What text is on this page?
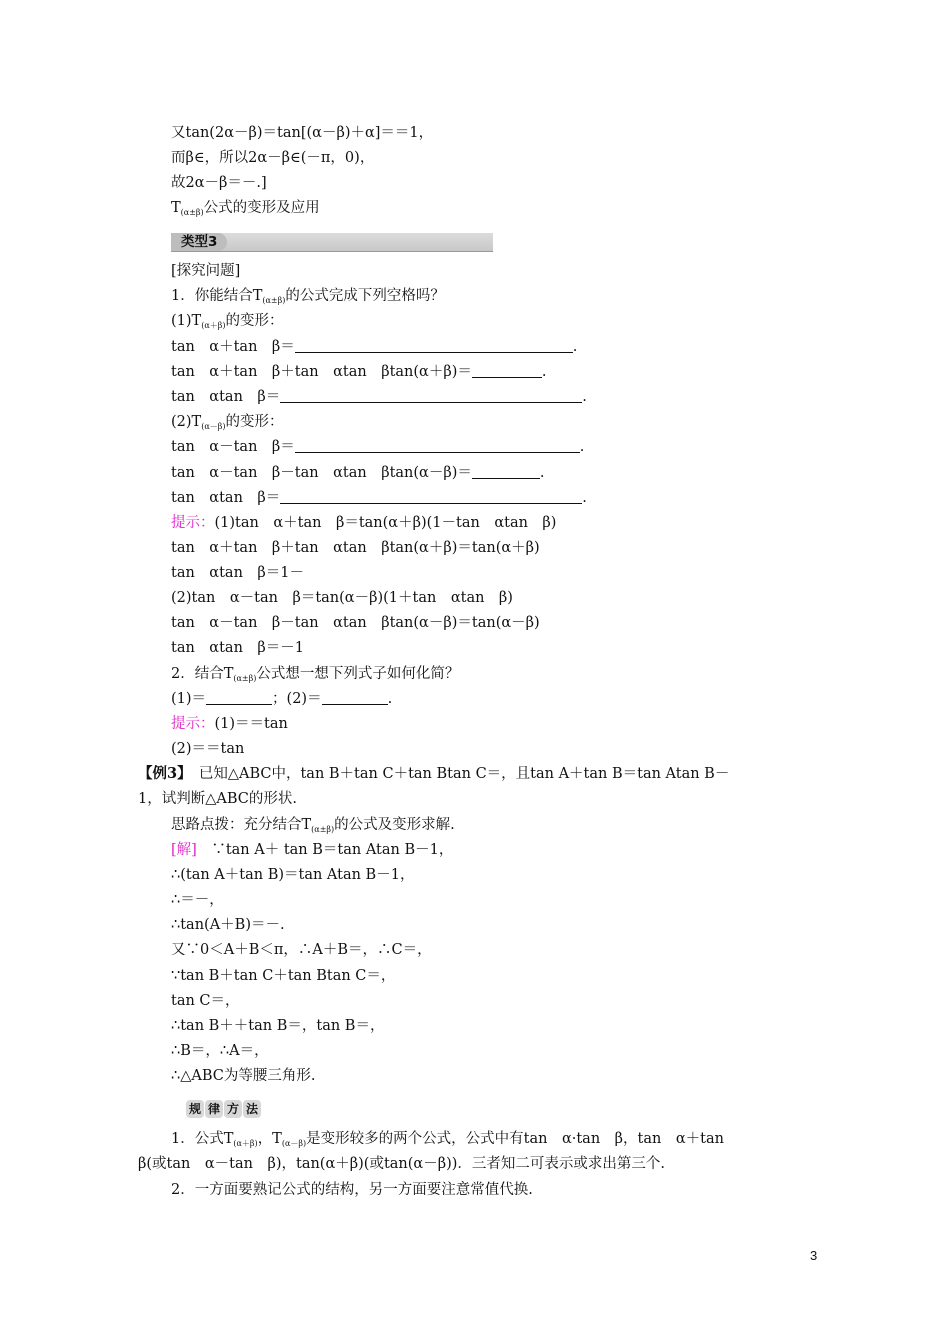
又tan(2α－β)＝tan[(α－β)＋α]＝＝1，
而β∈，所以2α－β∈(－π，0)，
故2α－β＝－.]
$T_{(\alpha\pm\beta)}$公式的变形及应用
类型3
[探究问题]
1．你能结合$T_{(\alpha\pm\beta)}$的公式完成下列空格吗？
$(1)T_{(\alpha+\beta)}$的变形：
tan　α＋tan　β＝	.
tan　α＋tan　β＋tan　αtan　βtan(α＋β)＝	.
tan　αtan　β＝	.
$(2)T_{(\alpha-\beta)}$的变形：
tan　α－tan　β＝	.
tan　α－tan　β－tan　αtan　βtan(α－β)＝	.
tan　αtan　β＝	.
提示：(1)tan　α＋tan　β＝tan(α＋β)(1－tan　αtan　β)
tan　α＋tan　β＋tan　αtan　βtan(α＋β)＝tan(α＋β)
tan　αtan　β＝1－
(2)tan　α－tan　β＝tan(α－β)(1＋tan　αtan　β)
tan　α－tan　β－tan　αtan　βtan(α－β)＝tan(α－β)
tan　αtan　β＝－1
2．结合$T_{(\alpha\pm\beta)}$公式想一想下列式子如何化简？
(1)＝	；(2)＝	.
提示：(1)＝＝tan
(2)＝＝tan
【例3】　已知△ABC中，tan B＋tan C＋tan Btan C＝，且tan A＋tan B＝tan Atan B－
1，试判断△ABC的形状.
思路点拨：充分结合$T_{(\alpha\pm\beta)}$的公式及变形求解.
[解]　∵tan A＋ tan B＝tan Atan B－1，
∴(tan A＋tan B)＝tan Atan B－1，
∴＝－，
∴tan(A＋B)＝－.
又∵0＜A＋B＜π，∴A＋B＝，∴C＝，
∵tan B＋tan C＋tan Btan C＝，
tan C＝，
∴tan B＋＋tan B＝，tan B＝，
∴B＝，∴A＝，
∴△ABC为等腰三角形.
规 律 方 法
1．公式$T_{(\alpha+\beta)}$，$T_{(\alpha-\beta)}$是变形较多的两个公式，公式中有tan　α·tan　β，tan　α＋tan
β(或tan　α－tan　β)，tan(α＋β)(或tan(α－β))．三者知二可表示或求出第三个.
2．一方面要熟记公式的结构，另一方面要注意常值代换.
3
